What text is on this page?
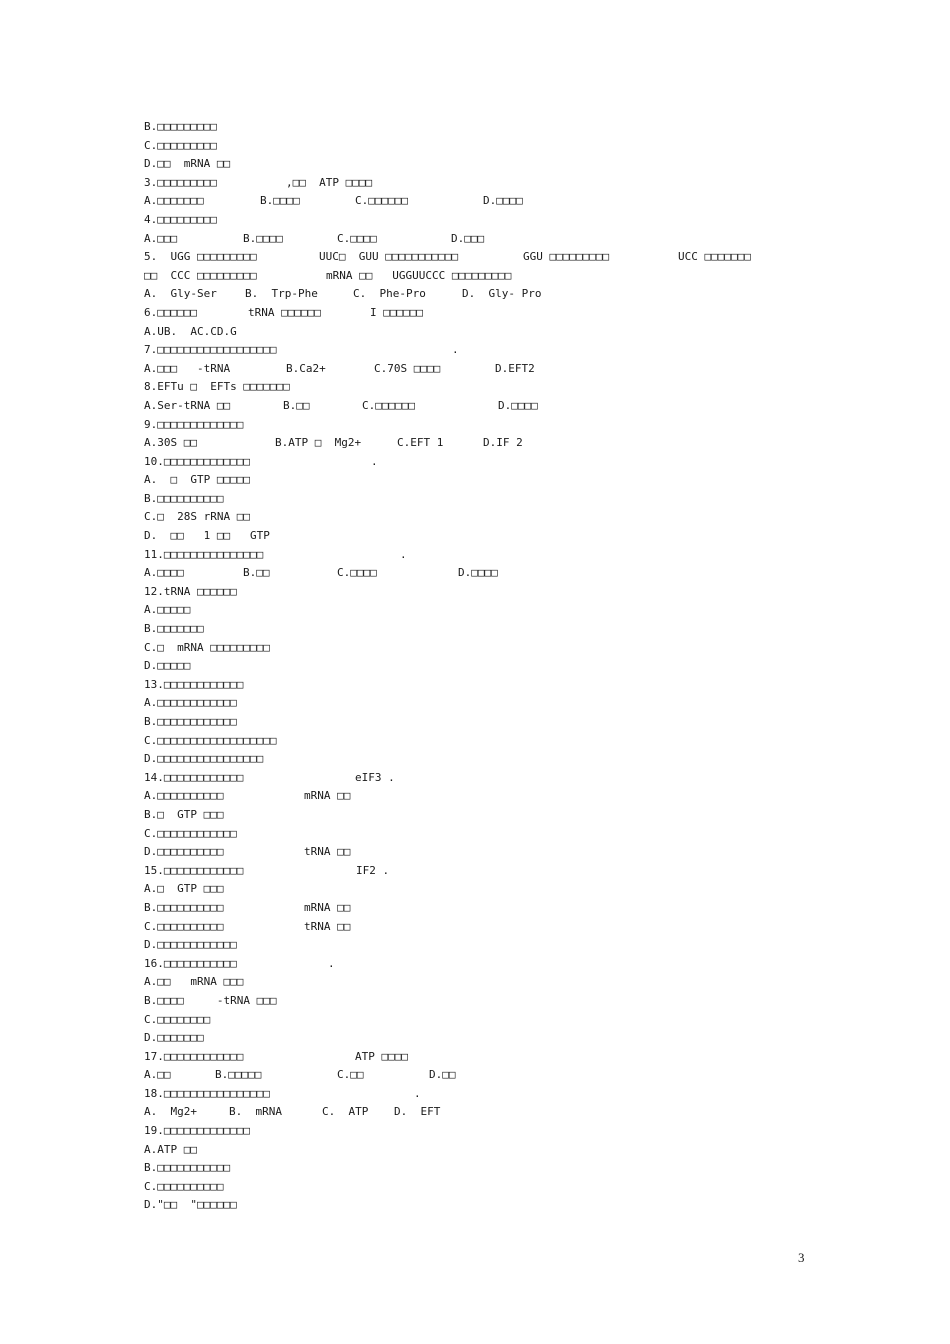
B.□□□□□□□□□
C.□□□□□□□□□
D.□□  mRNA □□
3.□□□□□□□□□	,□□  ATP □□□□
A.□□□□□□□	B.□□□□	C.□□□□□□	D.□□□□
4.□□□□□□□□□
A.□□□	B.□□□□	C.□□□□	D.□□□
5.  UGG □□□□□□□□□	UUC□  GUU □□□□□□□□□□□	GGU □□□□□□□□□	UCC □□□□□□□
□□  CCC □□□□□□□□□	mRNA □□   UGGUUCCC □□□□□□□□□
A.  Gly-Ser	B.  Trp-Phe	C.  Phe-Pro	D.  Gly- Pro
6.□□□□□□	tRNA □□□□□□	I □□□□□□
A.UB.  AC.CD.G
7.□□□□□□□□□□□□□□□□□□	.
A.□□□   -tRNA	B.Ca2+	C.70S □□□□	D.EFT2
8.EFTu □  EFTs □□□□□□□
A.Ser-tRNA □□	B.□□	C.□□□□□□	D.□□□□
9.□□□□□□□□□□□□□
A.30S □□	B.ATP □  Mg2+	C.EFT 1	D.IF 2
10.□□□□□□□□□□□□□	.
A.  □  GTP □□□□□
B.□□□□□□□□□□
C.□  28S rRNA □□
D.  □□   1 □□   GTP
11.□□□□□□□□□□□□□□□	.
A.□□□□	B.□□	C.□□□□	D.□□□□
12.tRNA □□□□□□
A.□□□□□
B.□□□□□□□
C.□  mRNA □□□□□□□□□
D.□□□□□
13.□□□□□□□□□□□□
A.□□□□□□□□□□□□
B.□□□□□□□□□□□□
C.□□□□□□□□□□□□□□□□□□
D.□□□□□□□□□□□□□□□□
14.□□□□□□□□□□□□	eIF3 .
A.□□□□□□□□□□	mRNA □□
B.□  GTP □□□
C.□□□□□□□□□□□□
D.□□□□□□□□□□	tRNA □□
15.□□□□□□□□□□□□	IF2 .
A.□  GTP □□□
B.□□□□□□□□□□	mRNA □□
C.□□□□□□□□□□	tRNA □□
D.□□□□□□□□□□□□
16.□□□□□□□□□□□	.
A.□□   mRNA □□□
B.□□□□     -tRNA □□□
C.□□□□□□□□
D.□□□□□□□
17.□□□□□□□□□□□□	ATP □□□□
A.□□	B.□□□□□	C.□□	D.□□
18.□□□□□□□□□□□□□□□□	.
A.  Mg2+	B.  mRNA	C.  ATP D.  EFT
19.□□□□□□□□□□□□□
A.ATP □□
B.□□□□□□□□□□□
C.□□□□□□□□□□
D."□□  "□□□□□□
3
